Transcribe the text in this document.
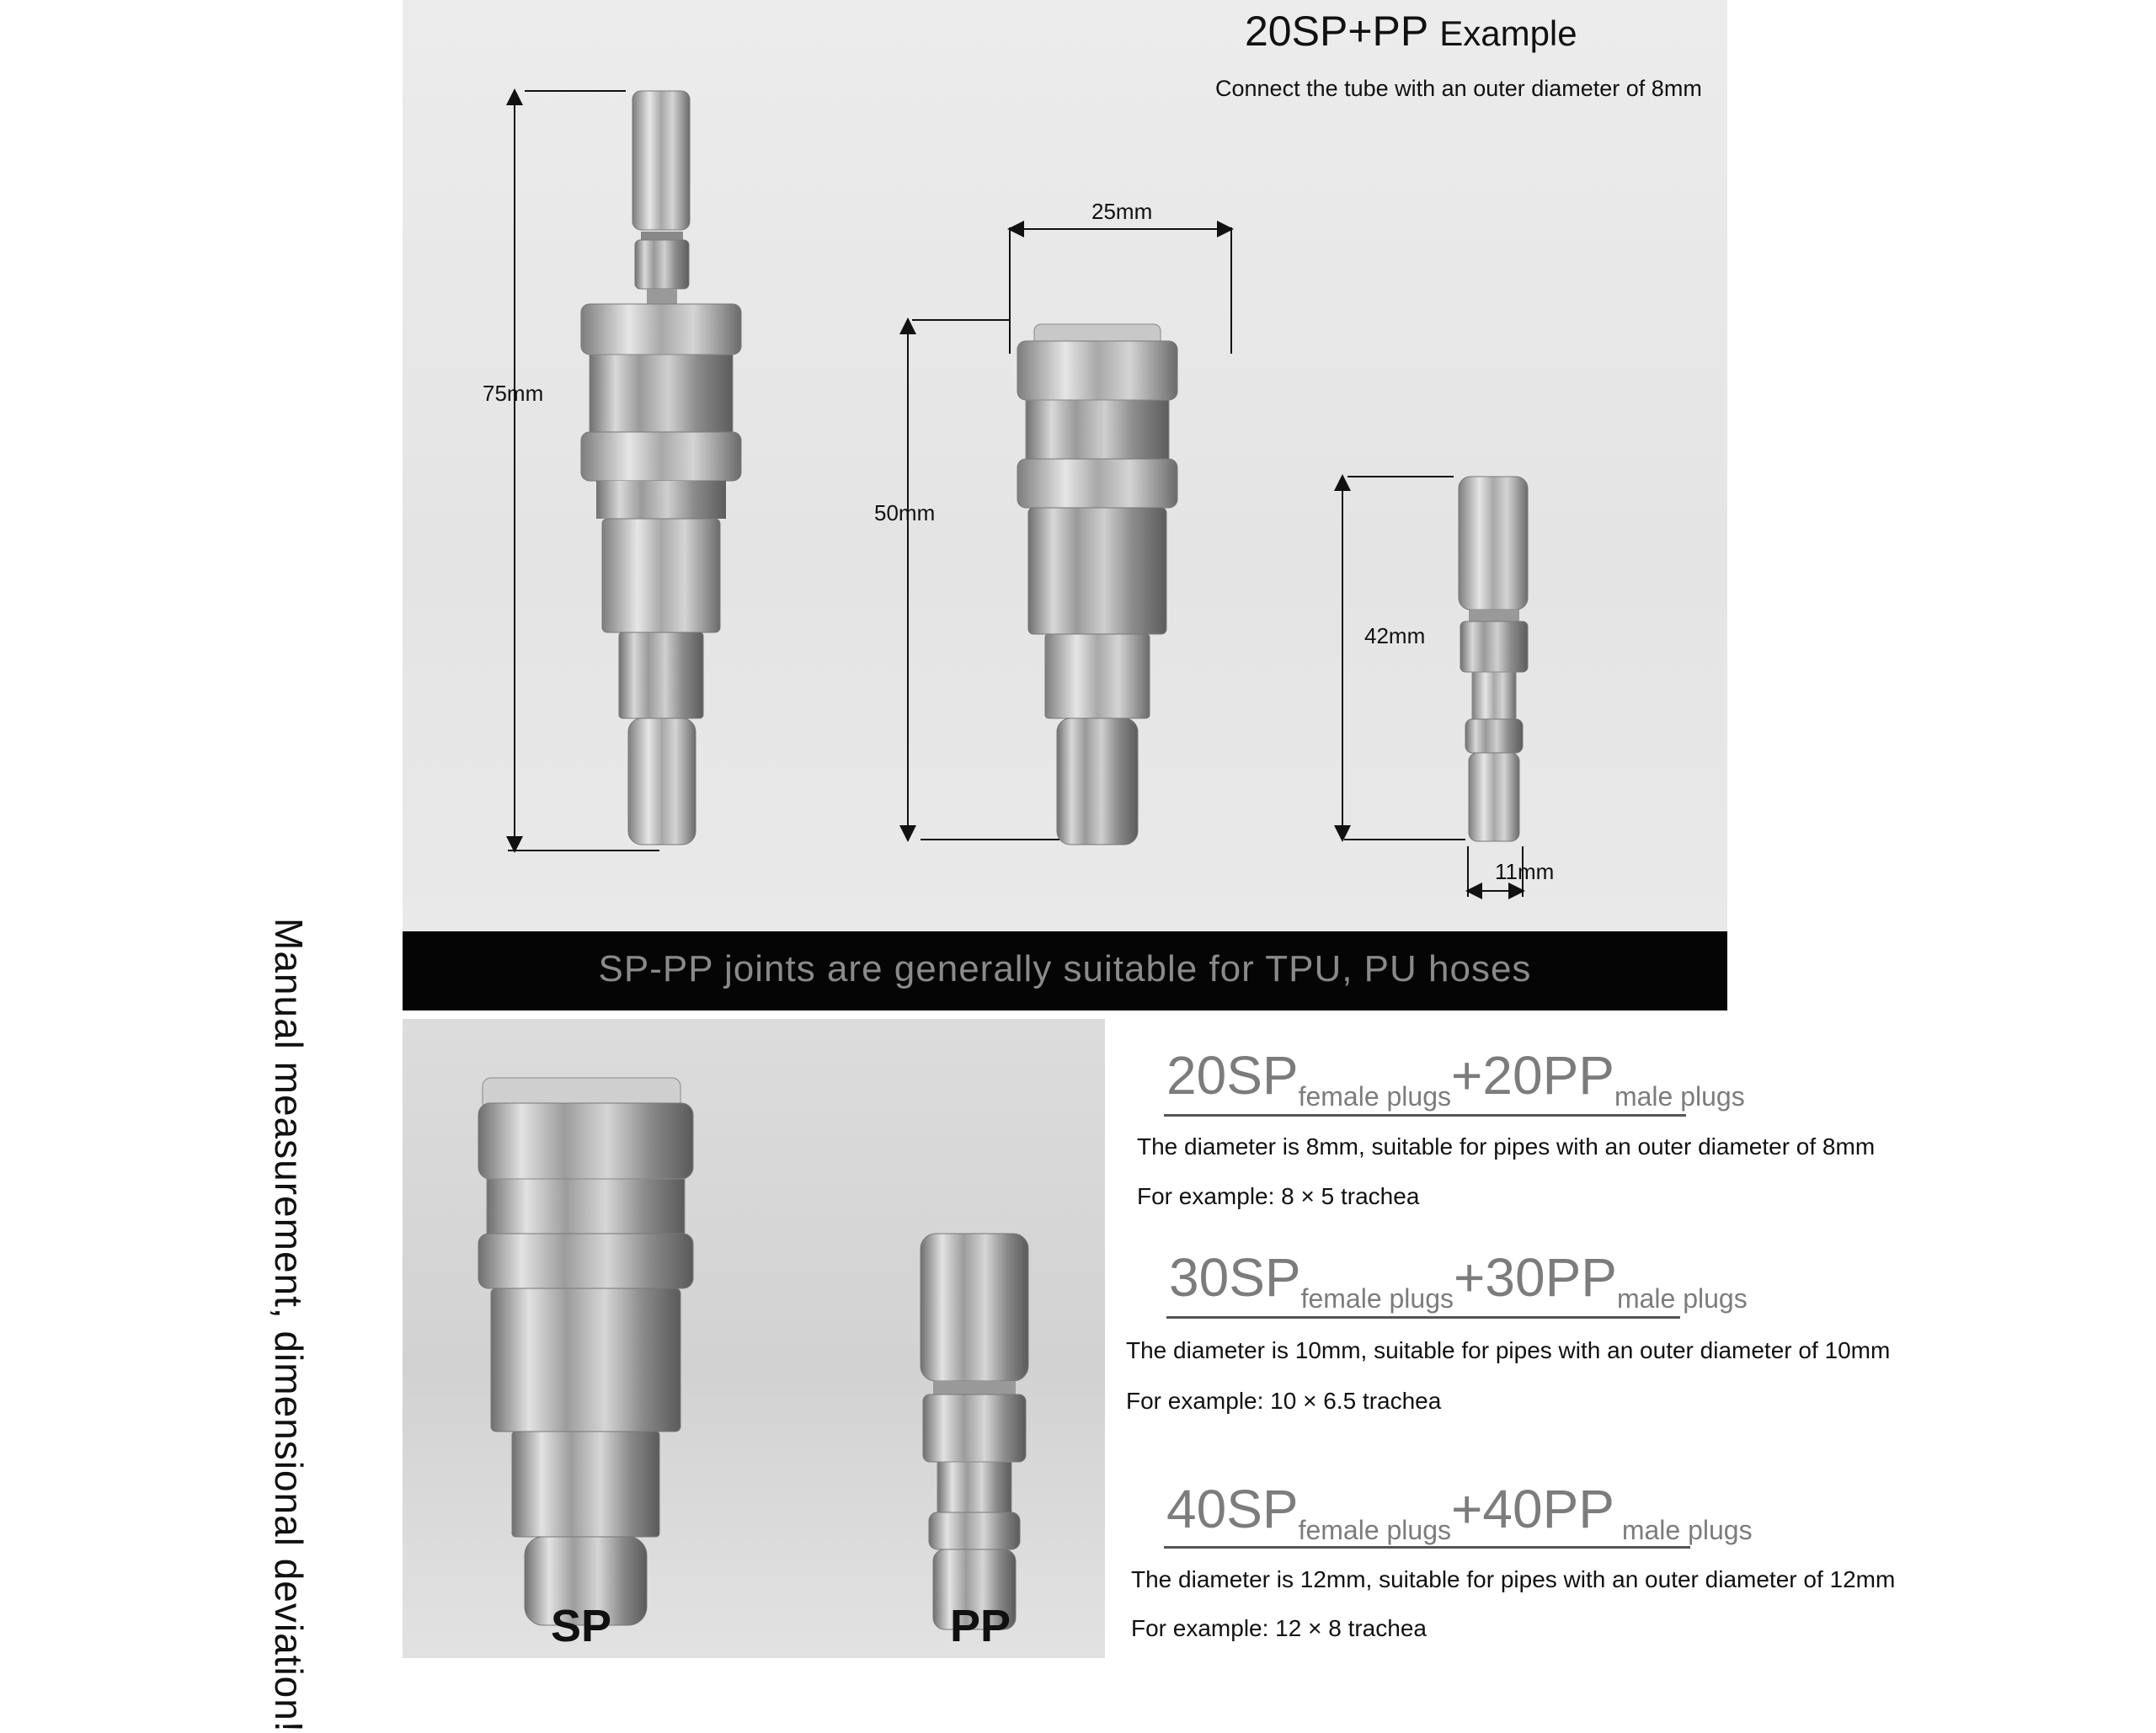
Manual measurement, dimensional deviation!
20SP+PP Example
Connect the tube with an outer diameter of 8mm
75mm
50mm
25mm
42mm
11mm
SP-PP joints are generally suitable for TPU, PU hoses
SP	PP
20SPfemale plugs+20PPmale plugs
The diameter is 8mm, suitable for pipes with an outer diameter of 8mm
For example: 8 × 5 trachea
30SPfemale plugs+30PPmale plugs
The diameter is 10mm, suitable for pipes with an outer diameter of 10mm
For example: 10 × 6.5 trachea
40SPfemale plugs+40PP male plugs
The diameter is 12mm, suitable for pipes with an outer diameter of 12mm
For example: 12 × 8 trachea
